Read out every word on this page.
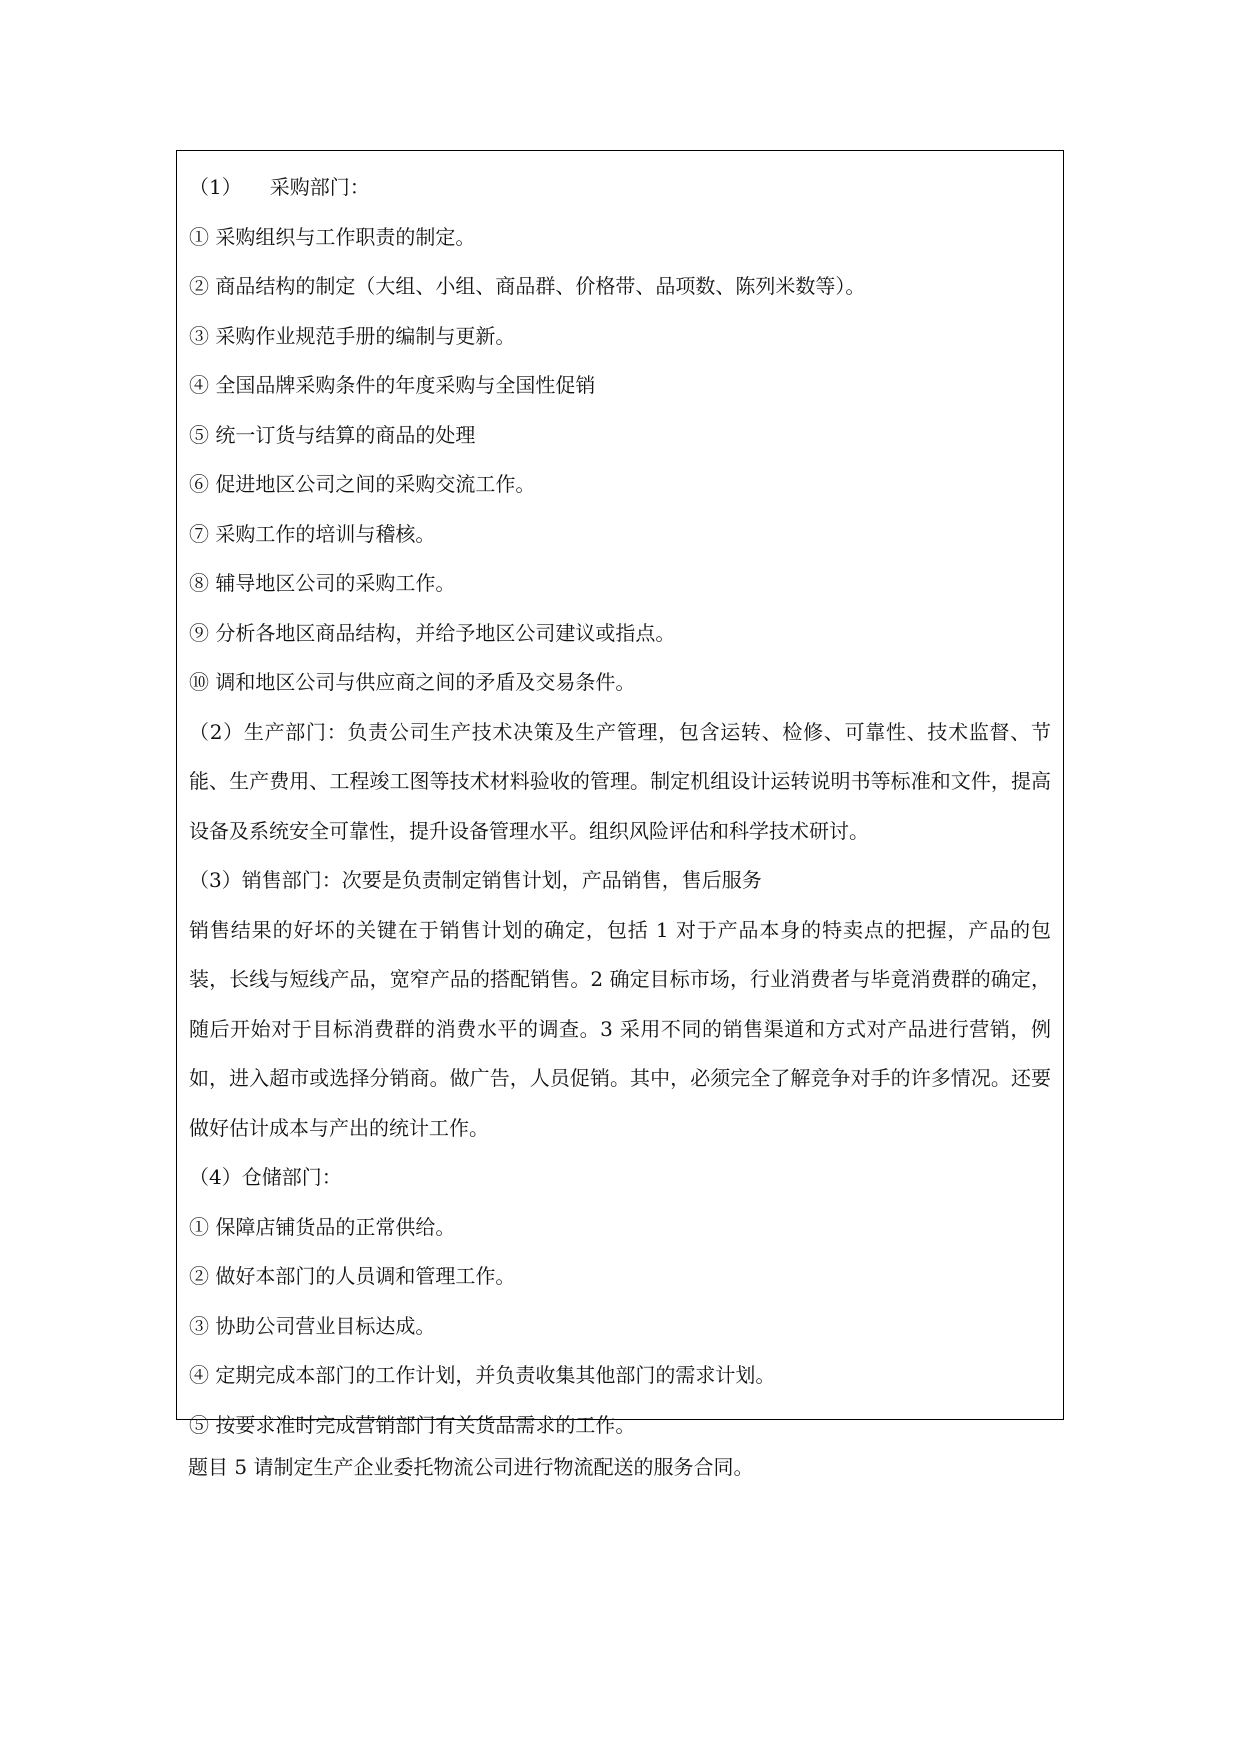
（1） 采购部门：
① 采购组织与工作职责的制定。
② 商品结构的制定（大组、小组、商品群、价格带、品项数、陈列米数等）。
③ 采购作业规范手册的编制与更新。
④ 全国品牌采购条件的年度采购与全国性促销
⑤ 统一订货与结算的商品的处理
⑥ 促进地区公司之间的采购交流工作。
⑦ 采购工作的培训与稽核。
⑧ 辅导地区公司的采购工作。
⑨ 分析各地区商品结构，并给予地区公司建议或指点。
⑩ 调和地区公司与供应商之间的矛盾及交易条件。
（2）生产部门：负责公司生产技术决策及生产管理，包含运转、检修、可靠性、技术监督、节能、生产费用、工程竣工图等技术材料验收的管理。制定机组设计运转说明书等标准和文件，提高设备及系统安全可靠性，提升设备管理水平。组织风险评估和科学技术研讨。
（3）销售部门：次要是负责制定销售计划，产品销售，售后服务
销售结果的好坏的关键在于销售计划的确定，包括 1 对于产品本身的特卖点的把握，产品的包装，长线与短线产品，宽窄产品的搭配销售。2 确定目标市场，行业消费者与毕竟消费群的确定，随后开始对于目标消费群的消费水平的调查。3 采用不同的销售渠道和方式对产品进行营销，例如，进入超市或选择分销商。做广告，人员促销。其中，必须完全了解竞争对手的许多情况。还要做好估计成本与产出的统计工作。
（4）仓储部门：
① 保障店铺货品的正常供给。
② 做好本部门的人员调和管理工作。
③ 协助公司营业目标达成。
④ 定期完成本部门的工作计划，并负责收集其他部门的需求计划。
⑤ 按要求准时完成营销部门有关货品需求的工作。
题目 5 请制定生产企业委托物流公司进行物流配送的服务合同。
